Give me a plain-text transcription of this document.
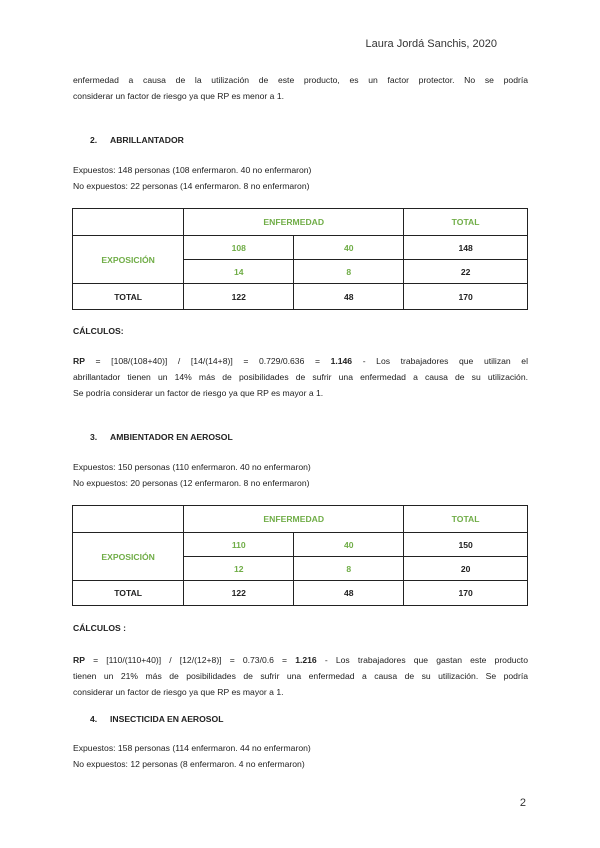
Laura Jordá Sanchis, 2020
enfermedad a causa de la utilización de este producto, es un factor protector. No se podría
considerar un factor de riesgo ya que RP es menor a 1.
2. ABRILLANTADOR
Expuestos: 148 personas (108 enfermaron. 40 no enfermaron)
No expuestos: 22 personas (14 enfermaron. 8 no enfermaron)
	ENFERMEDAD		TOTAL
EXPOSICIÓN	108	40	148
	14	8	22
TOTAL	122	48	170
CÁLCULOS:
RP = [108/(108+40)] / [14/(14+8)] = 0.729/0.636 = 1.146 - Los trabajadores que utilizan el
abrillantador tienen un 14% más de posibilidades de sufrir una enfermedad a causa de su utilización.
Se podría considerar un factor de riesgo ya que RP es mayor a 1.
3. AMBIENTADOR EN AEROSOL
Expuestos: 150 personas (110 enfermaron. 40 no enfermaron)
No expuestos: 20 personas (12 enfermaron. 8 no enfermaron)
	ENFERMEDAD		TOTAL
EXPOSICIÓN	110	40	150
	12	8	20
TOTAL	122	48	170
CÁLCULOS :
RP = [110/(110+40)] / [12/(12+8)] = 0.73/0.6 = 1.216 - Los trabajadores que gastan este producto
tienen un 21% más de posibilidades de sufrir una enfermedad a causa de su utilización. Se podría
considerar un factor de riesgo ya que RP es mayor a 1.
4. INSECTICIDA EN AEROSOL
Expuestos: 158 personas (114 enfermaron. 44 no enfermaron)
No expuestos: 12 personas (8 enfermaron. 4 no enfermaron)
2
